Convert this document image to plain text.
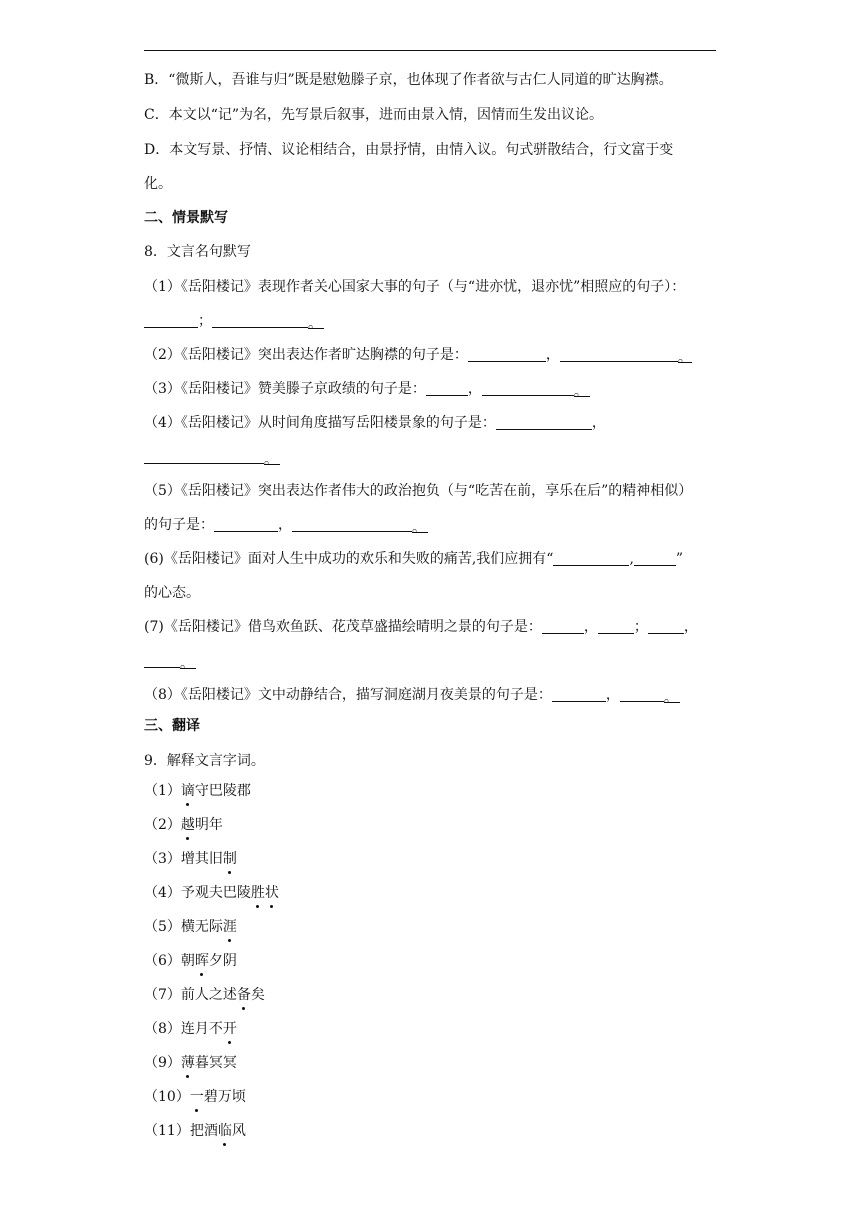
B．“微斯人，吾谁与归”既是慰勉滕子京，也体现了作者欲与古仁人同道的旷达胸襟。
C．本文以“记”为名，先写景后叙事，进而由景入情，因情而生发出议论。
D．本文写景、抒情、议论相结合，由景抒情，由情入议。句式骈散结合，行文富于变
化。
二、情景默写
8．文言名句默写
（1）《岳阳楼记》表现作者关心国家大事的句子（与“进亦忧，退亦忧”相照应的句子）：
；	。
（2）《岳阳楼记》突出表达作者旷达胸襟的句子是：	，	。
（3）《岳阳楼记》赞美滕子京政绩的句子是：	，	。
（4）《岳阳楼记》从时间角度描写岳阳楼景象的句子是：	，
。
（5）《岳阳楼记》突出表达作者伟大的政治抱负（与“吃苦在前，享乐在后”的精神相似）
的句子是：	，	。
(6)《岳阳楼记》面对人生中成功的欢乐和失败的痛苦,我们应拥有“	,	”
的心态。
(7)《岳阳楼记》借鸟欢鱼跃、花茂草盛描绘晴明之景的句子是：	，	；	，
。
（8）《岳阳楼记》文中动静结合，描写洞庭湖月夜美景的句子是：	，	。
三、翻译
9．解释文言字词。
（1）谪守巴陵郡
（2）越明年
（3）增其旧制
（4）予观夫巴陵胜状
（5）横无际涯
（6）朝晖夕阴
（7）前人之述备矣
（8）连月不开
（9）薄暮冥冥
（10）一碧万顷
（11）把酒临风
